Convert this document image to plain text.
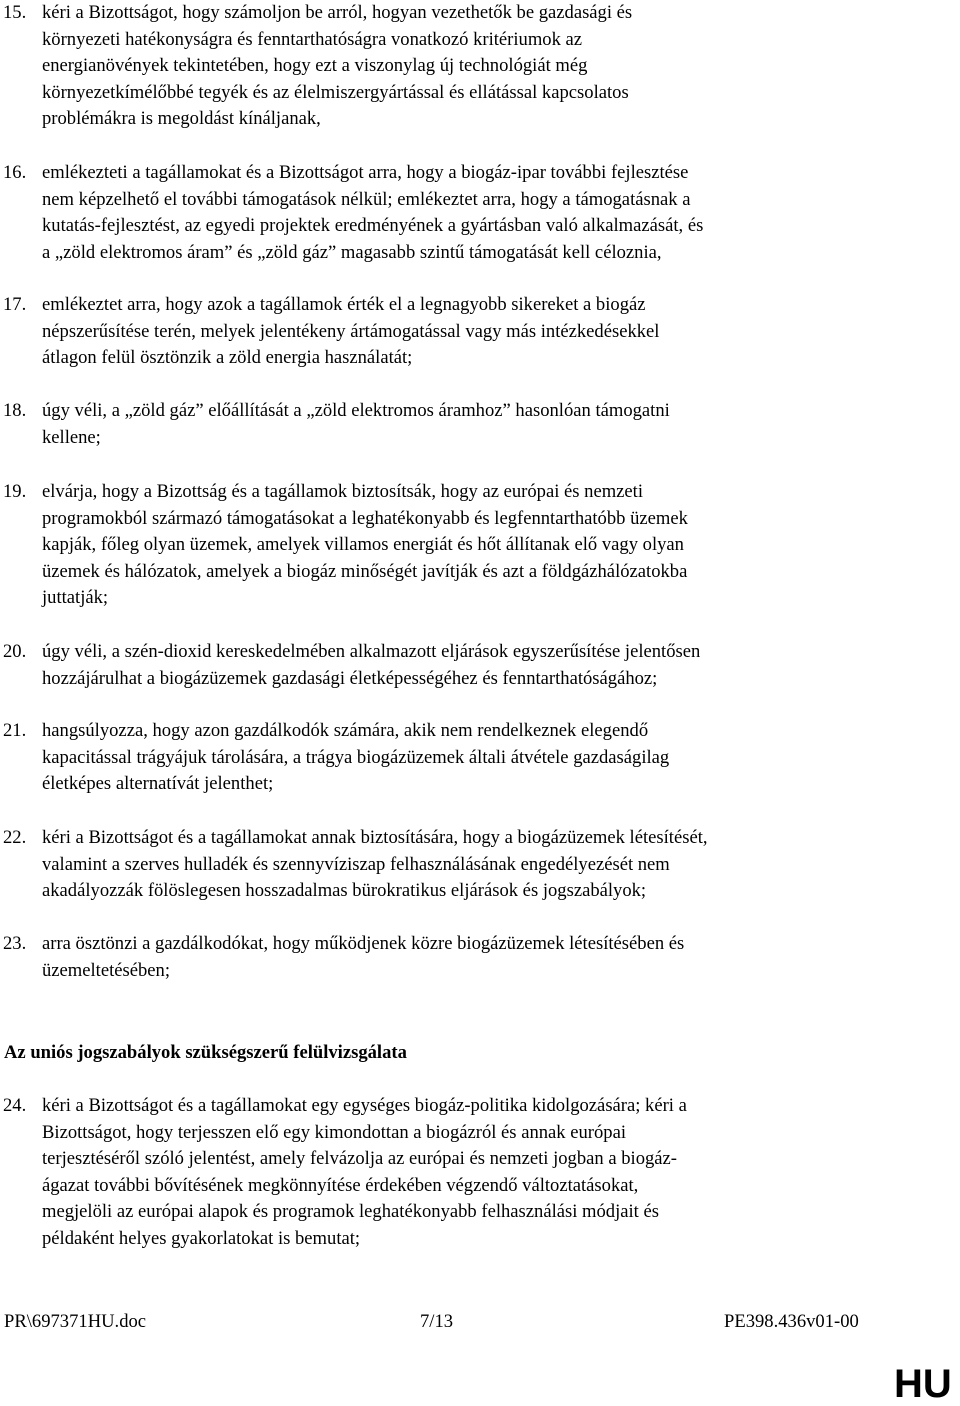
15. kéri a Bizottságot, hogy számoljon be arról, hogyan vezethetők be gazdasági és
környezeti hatékonyságra és fenntarthatóságra vonatkozó kritériumok az
energianövények tekintetében, hogy ezt a viszonylag új technológiát még
környezetkímélőbbé tegyék és az élelmiszergyártással és ellátással kapcsolatos
problémákra is megoldást kínáljanak,
16. emlékezteti a tagállamokat és a Bizottságot arra, hogy a biogáz-ipar további fejlesztése
nem képzelhető el további támogatások nélkül; emlékeztet arra, hogy a támogatásnak a
kutatás-fejlesztést, az egyedi projektek eredményének a gyártásban való alkalmazását, és
a „zöld elektromos áram” és „zöld gáz” magasabb szintű támogatását kell céloznia,
17. emlékeztet arra, hogy azok a tagállamok érték el a legnagyobb sikereket a biogáz
népszerűsítése terén, melyek jelentékeny ártámogatással vagy más intézkedésekkel
átlagon felül ösztönzik a zöld energia használatát;
18. úgy véli, a „zöld gáz” előállítását a „zöld elektromos áramhoz” hasonlóan támogatni
kellene;
19. elvárja, hogy a Bizottság és a tagállamok biztosítsák, hogy az európai és nemzeti
programokból származó támogatásokat a leghatékonyabb és legfenntarthatóbb üzemek
kapják, főleg olyan üzemek, amelyek villamos energiát és hőt állítanak elő vagy olyan
üzemek és hálózatok, amelyek a biogáz minőségét javítják és azt a földgázhálózatokba
juttatják;
20. úgy véli, a szén-dioxid kereskedelmében alkalmazott eljárások egyszerűsítése jelentősen
hozzájárulhat a biogázüzemek gazdasági életképességéhez és fenntarthatóságához;
21. hangsúlyozza, hogy azon gazdálkodók számára, akik nem rendelkeznek elegendő
kapacitással trágyájuk tárolására, a trágya biogázüzemek általi átvétele gazdaságilag
életképes alternatívát jelenthet;
22. kéri a Bizottságot és a tagállamokat annak biztosítására, hogy a biogázüzemek létesítését,
valamint a szerves hulladék és szennyvíziszap felhasználásának engedélyezését nem
akadályozzák fölöslegesen hosszadalmas bürokratikus eljárások és jogszabályok;
23. arra ösztönzi a gazdálkodókat, hogy működjenek közre biogázüzemek létesítésében és
üzemeltetésében;
Az uniós jogszabályok szükségszerű felülvizsgálata
24. kéri a Bizottságot és a tagállamokat egy egységes biogáz-politika kidolgozására; kéri a
Bizottságot, hogy terjesszen elő egy kimondottan a biogázról és annak európai
terjesztéséről szóló jelentést, amely felvázolja az európai és nemzeti jogban a biogáz-
ágazat további bővítésének megkönnyítése érdekében végzendő változtatásokat,
megjelöli az európai alapok és programok leghatékonyabb felhasználási módjait és
példaként helyes gyakorlatokat is bemutat;
PR\697371HU.doc	7/13	PE398.436v01-00
HU
